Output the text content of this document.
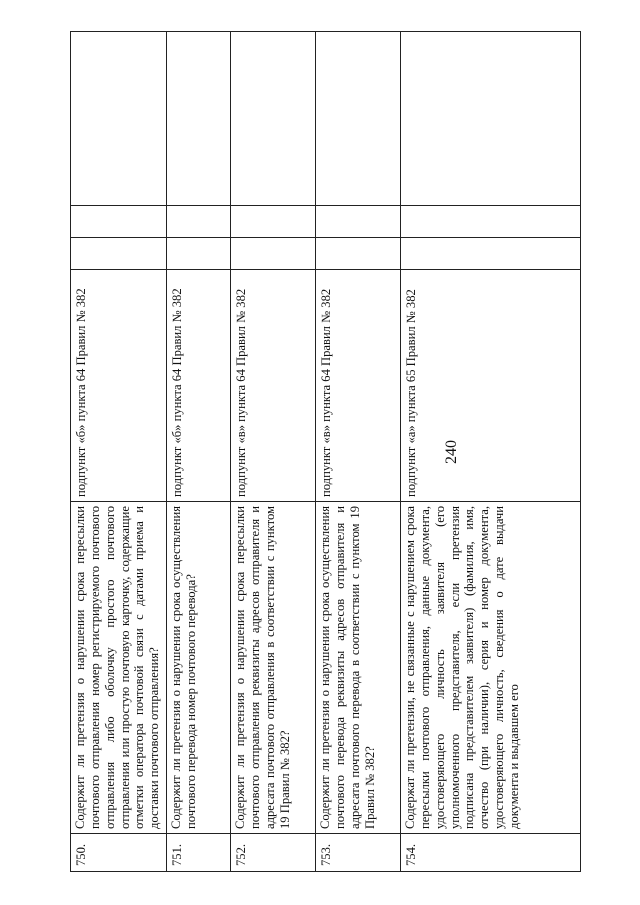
240
750.	Содержит ли претензия о нарушении срока пересылки почтового отправления номер регистрируемого почтового отправления либо оболочку простого почтового отправления или простую почтовую карточку, содержащие отметки оператора почтовой связи с датами приема и доставки почтового отправления?	подпункт «б» пункта 64 Правил № 382			
751.	Содержит ли претензия о нарушении срока осуществления почтового перевода номер почтового перевода?	подпункт «б» пункта 64 Правил № 382			
752.	Содержит ли претензия о нарушении срока пересылки почтового отправления реквизиты адресов отправителя и адресата почтового отправления в соответствии с пунктом 19 Правил № 382?	подпункт «в» пункта 64 Правил № 382			
753.	Содержит ли претензия о нарушении срока осуществления почтового перевода реквизиты адресов отправителя и адресата почтового перевода в соответствии с пунктом 19 Правил № 382?	подпункт «в» пункта 64 Правил № 382			
754.	Содержат ли претензии, не связанные с нарушением срока пересылки почтового отправления, данные документа, удостоверяющего личность заявителя (его уполномоченного представителя, если претензия подписана представителем заявителя) (фамилия, имя, отчество (при наличии), серия и номер документа, удостоверяющего личность, сведения о дате выдачи документа и выдавшем его	подпункт «а» пункта 65 Правил № 382			
